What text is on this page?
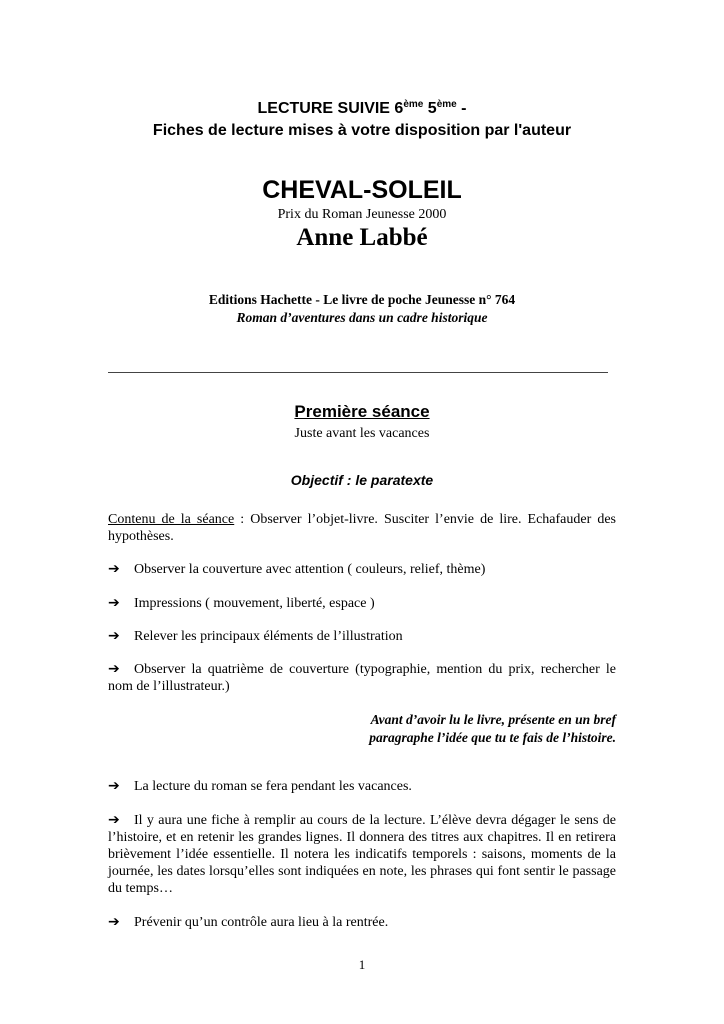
LECTURE SUIVIE 6ème 5ème -
Fiches de lecture mises à votre disposition par l'auteur
CHEVAL-SOLEIL
Prix du Roman Jeunesse 2000
Anne Labbé
Editions Hachette - Le livre de poche Jeunesse n° 764
Roman d’aventures dans un cadre historique
Première séance
Juste avant les vacances
Objectif : le paratexte
Contenu de la séance : Observer l’objet-livre. Susciter l’envie de lire. Echafauder des hypothèses.
➔ Observer la couverture avec attention ( couleurs, relief, thème)
➔ Impressions ( mouvement, liberté, espace )
➔ Relever les principaux éléments de l’illustration
➔ Observer la quatrième de couverture (typographie, mention du prix, rechercher le nom de l’illustrateur.)
Avant d’avoir lu le livre, présente en un bref
paragraphe l’idée que tu te fais de l’histoire.
➔ La lecture du roman se fera pendant les vacances.
➔ Il y aura une fiche à remplir au cours de la lecture. L’élève devra dégager le sens de l’histoire, et en retenir les grandes lignes. Il donnera des titres aux chapitres. Il en retirera brièvement l’idée essentielle. Il notera les indicatifs temporels : saisons, moments de la journée, les dates lorsqu’elles sont indiquées en note, les phrases qui font sentir le passage du temps…
➔ Prévenir qu’un contrôle aura lieu à la rentrée.
1
